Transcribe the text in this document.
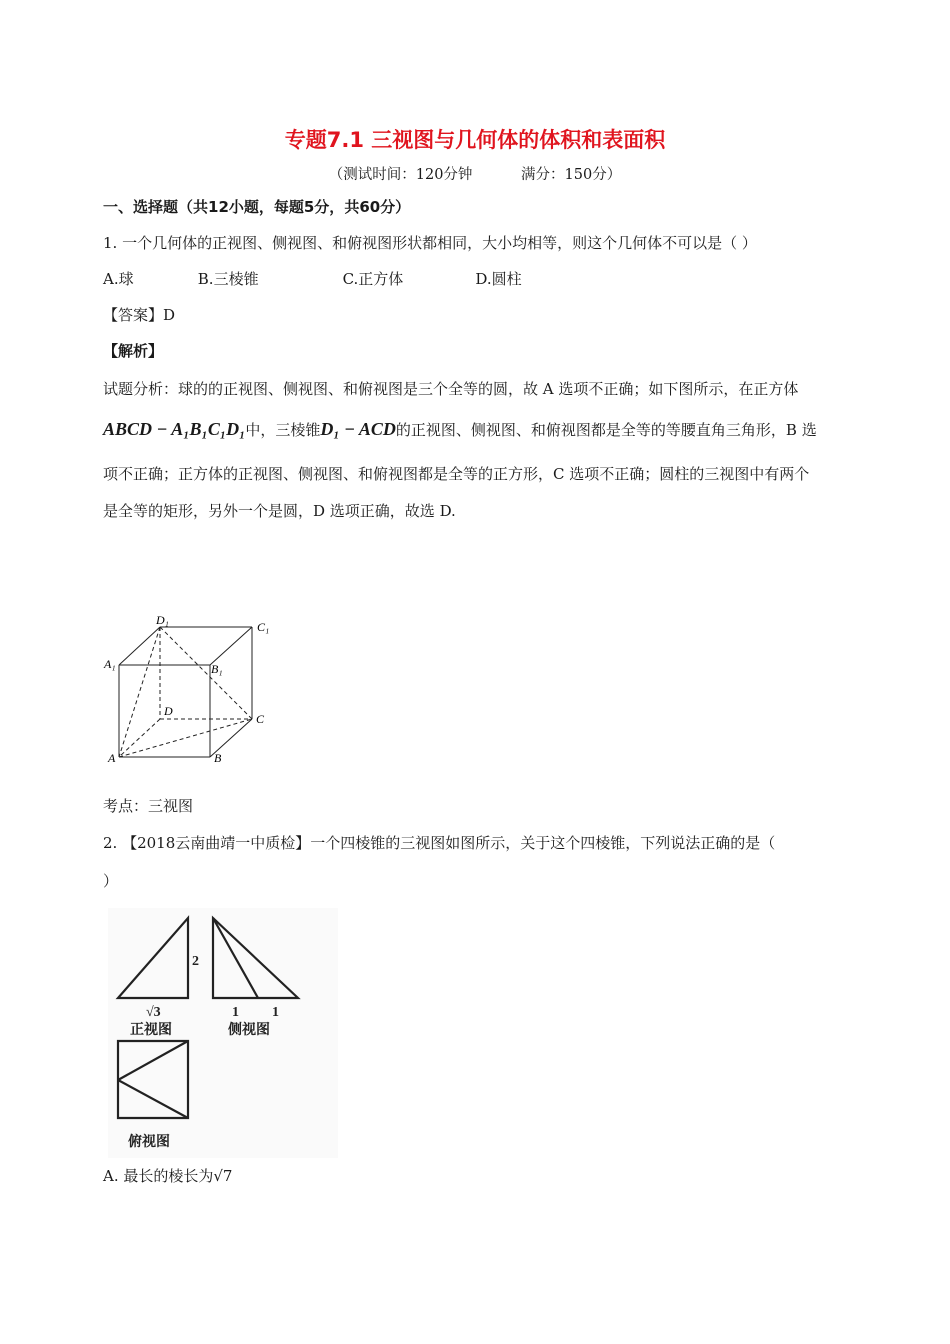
专题7.1 三视图与几何体的体积和表面积
（测试时间：120分钟	满分：150分）
一、选择题（共12小题，每题5分，共60分）
1. 一个几何体的正视图、侧视图、和俯视图形状都相同，大小均相等，则这个几何体不可以是（ ）
A.球	B.三棱锥	C.正方体	D.圆柱
【答案】D
【解析】
试题分析：球的的正视图、侧视图、和俯视图是三个全等的圆，故 A 选项不正确；如下图所示，在正方体
ABCD − A₁B₁C₁D₁中，三棱锥D₁ − ACD的正视图、侧视图、和俯视图都是全等的等腰直角三角形，B 选
项不正确；正方体的正视图、侧视图、和俯视图都是全等的正方形，C 选项不正确；圆柱的三视图中有两个
是全等的矩形，另外一个是圆，D 选项正确，故选 D.
D₁	C₁
A₁	B₁
D
C
A	B
考点：三视图
2. 【2018云南曲靖一中质检】一个四棱锥的三视图如图所示，关于这个四棱锥，下列说法正确的是（
）
2
√3	1 1
正视图	侧视图
俯视图
A. 最长的棱长为√7
